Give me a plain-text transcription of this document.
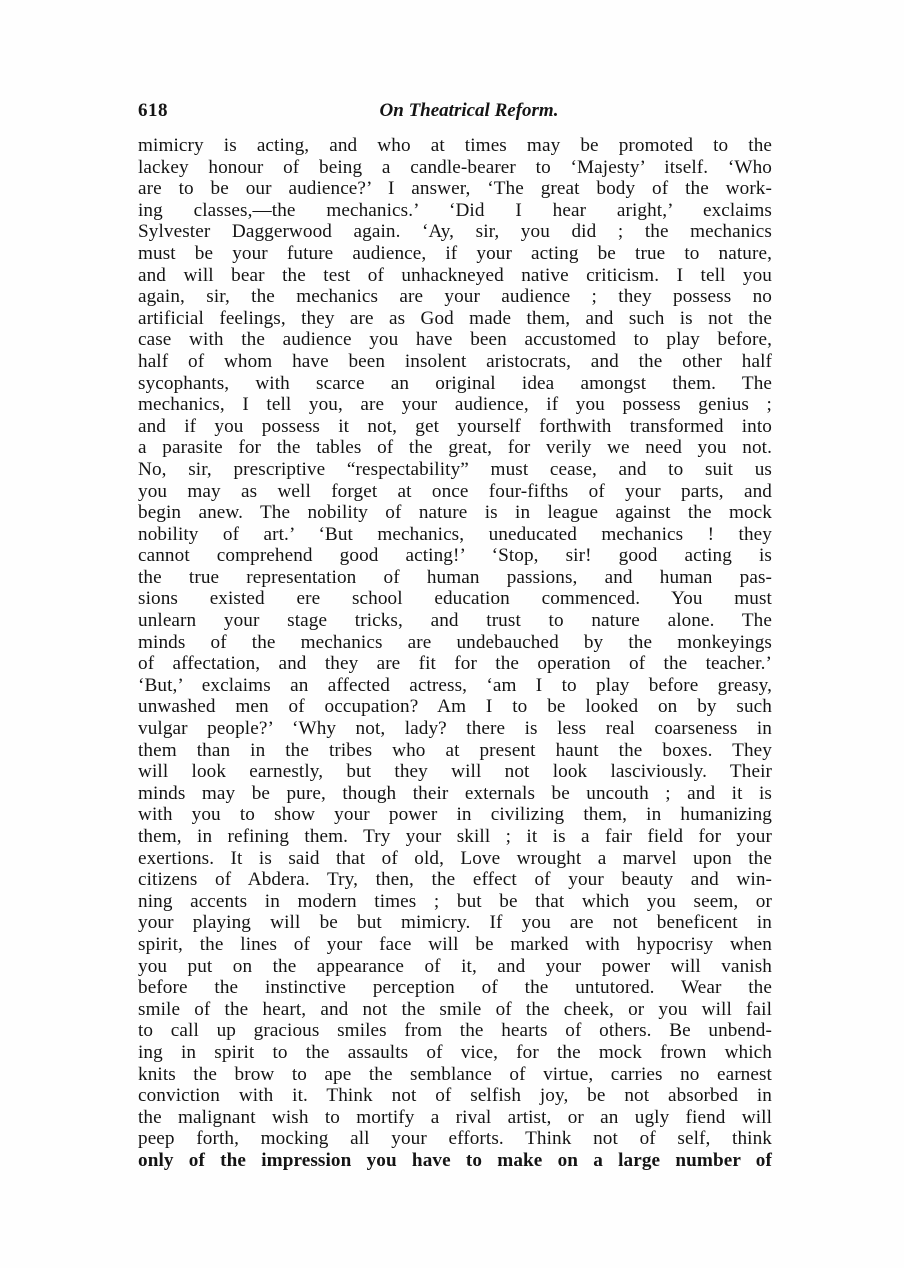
618	On Theatrical Reform.
mimicry is acting, and who at times may be promoted to the
lackey honour of being a candle-bearer to ‘Majesty’ itself. ‘Who
are to be our audience?’ I answer, ‘The great body of the work-
ing classes,—the mechanics.’ ‘Did I hear aright,’ exclaims
Sylvester Daggerwood again. ‘Ay, sir, you did ; the mechanics
must be your future audience, if your acting be true to nature,
and will bear the test of unhackneyed native criticism. I tell you
again, sir, the mechanics are your audience ; they possess no
artificial feelings, they are as God made them, and such is not the
case with the audience you have been accustomed to play before,
half of whom have been insolent aristocrats, and the other half
sycophants, with scarce an original idea amongst them. The
mechanics, I tell you, are your audience, if you possess genius ;
and if you possess it not, get yourself forthwith transformed into
a parasite for the tables of the great, for verily we need you not.
No, sir, prescriptive “respectability” must cease, and to suit us
you may as well forget at once four-fifths of your parts, and
begin anew. The nobility of nature is in league against the mock
nobility of art.’ ‘But mechanics, uneducated mechanics ! they
cannot comprehend good acting!’ ‘Stop, sir! good acting is
the true representation of human passions, and human pas-
sions existed ere school education commenced. You must
unlearn your stage tricks, and trust to nature alone. The
minds of the mechanics are undebauched by the monkeyings
of affectation, and they are fit for the operation of the teacher.’
‘But,’ exclaims an affected actress, ‘am I to play before greasy,
unwashed men of occupation? Am I to be looked on by such
vulgar people?’ ‘Why not, lady? there is less real coarseness in
them than in the tribes who at present haunt the boxes. They
will look earnestly, but they will not look lasciviously. Their
minds may be pure, though their externals be uncouth ; and it is
with you to show your power in civilizing them, in humanizing
them, in refining them. Try your skill ; it is a fair field for your
exertions. It is said that of old, Love wrought a marvel upon the
citizens of Abdera. Try, then, the effect of your beauty and win-
ning accents in modern times ; but be that which you seem, or
your playing will be but mimicry. If you are not beneficent in
spirit, the lines of your face will be marked with hypocrisy when
you put on the appearance of it, and your power will vanish
before the instinctive perception of the untutored. Wear the
smile of the heart, and not the smile of the cheek, or you will fail
to call up gracious smiles from the hearts of others. Be unbend-
ing in spirit to the assaults of vice, for the mock frown which
knits the brow to ape the semblance of virtue, carries no earnest
conviction with it. Think not of selfish joy, be not absorbed in
the malignant wish to mortify a rival artist, or an ugly fiend will
peep forth, mocking all your efforts. Think not of self, think
only of the impression you have to make on a large number of
